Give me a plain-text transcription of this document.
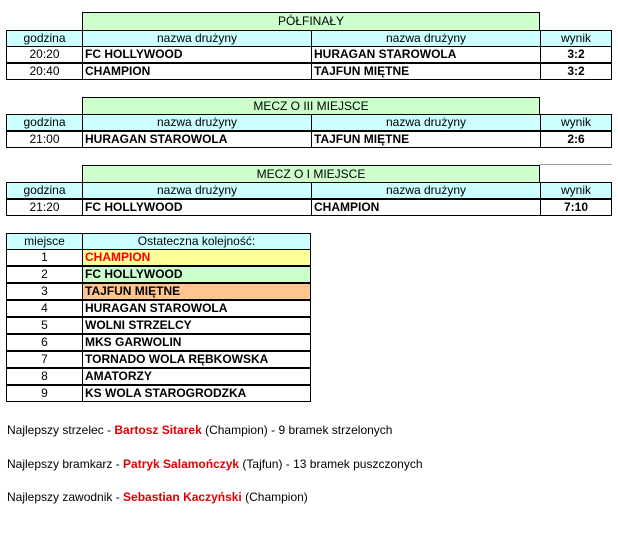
PÓŁFINAŁY
godzina	nazwa drużyny	nazwa drużyny	wynik
20:20	FC HOLLYWOOD	HURAGAN STAROWOLA	3:2
20:40	CHAMPION	TAJFUN MIĘTNE	3:2
MECZ O III MIEJSCE
godzina	nazwa drużyny	nazwa drużyny	wynik
21:00	HURAGAN STAROWOLA	TAJFUN MIĘTNE	2:6
MECZ O I MIEJSCE
godzina	nazwa drużyny	nazwa drużyny	wynik
21:20	FC HOLLYWOOD	CHAMPION	7:10
miejsce	Ostateczna kolejność:
1	CHAMPION
2	FC HOLLYWOOD
3	TAJFUN MIĘTNE
4	HURAGAN STAROWOLA
5	WOLNI STRZELCY
6	MKS GARWOLIN
7	TORNADO WOLA RĘBKOWSKA
8	AMATORZY
9	KS WOLA STAROGRODZKA
Najlepszy strzelec - Bartosz Sitarek (Champion) - 9 bramek strzelonych
Najlepszy bramkarz - Patryk Salamończyk (Tajfun) - 13 bramek puszczonych
Najlepszy zawodnik - Sebastian Kaczyński (Champion)
